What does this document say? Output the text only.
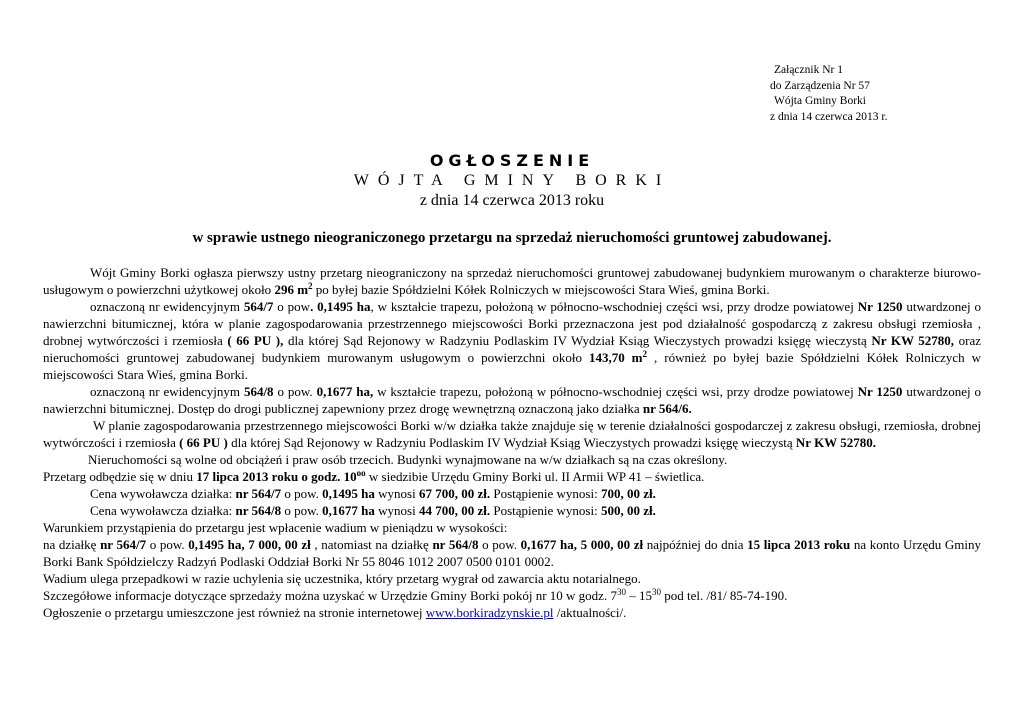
Załącznik Nr 1
do Zarządzenia Nr 57
Wójta Gminy Borki
z dnia 14 czerwca 2013 r.
OGŁOSZENIE
WÓJTA GMINY BORKI
z dnia 14 czerwca 2013 roku
w sprawie ustnego nieograniczonego przetargu na sprzedaż nieruchomości gruntowej zabudowanej.

Wójt Gminy Borki ogłasza pierwszy ustny przetarg nieograniczony na sprzedaż nieruchomości gruntowej zabudowanej budynkiem murowanym o charakterze biurowo-usługowym o powierzchni użytkowej około 296 $m^2$ po byłej bazie Spółdzielni Kółek Rolniczych w miejscowości Stara Wieś, gmina Borki.

oznaczoną nr ewidencyjnym 564/7 o pow. 0,1495 ha, w kształcie trapezu, położoną w północno-wschodniej części wsi, przy drodze powiatowej Nr 1250 utwardzonej o nawierzchni bitumicznej, która w planie zagospodarowania przestrzennego miejscowości Borki przeznaczona jest pod działalność gospodarczą z zakresu obsługi rzemiosła , drobnej wytwórczości i rzemiosła ( 66 PU ), dla której Sąd Rejonowy w Radzyniu Podlaskim IV Wydział Ksiąg Wieczystych prowadzi księgę wieczystą Nr KW 52780, oraz nieruchomości gruntowej zabudowanej budynkiem murowanym usługowym o powierzchni około 143,70 $m^2$ , również po byłej bazie Spółdzielni Kółek Rolniczych w miejscowości Stara Wieś, gmina Borki.

oznaczoną nr ewidencyjnym 564/8 o pow. 0,1677 ha, w kształcie trapezu, położoną w północno-wschodniej części wsi, przy drodze powiatowej Nr 1250 utwardzonej o nawierzchni bitumicznej. Dostęp do drogi publicznej zapewniony przez drogę wewnętrzną oznaczoną jako działka nr 564/6.

W planie zagospodarowania przestrzennego miejscowości Borki w/w działka także znajduje się w terenie działalności gospodarczej z zakresu obsługi, rzemiosła, drobnej wytwórczości i rzemiosła ( 66 PU ) dla której Sąd Rejonowy w Radzyniu Podlaskim IV Wydział Ksiąg Wieczystych prowadzi księgę wieczystą Nr KW 52780.

Nieruchomości są wolne od obciążeń i praw osób trzecich. Budynki wynajmowane na w/w działkach są na czas określony.

Przetarg odbędzie się w dniu 17 lipca 2013 roku o godz. $10^{oo}$ w siedzibie Urzędu Gminy Borki ul. II Armii WP 41 – świetlica.

Cena wywoławcza działka: nr 564/7 o pow. 0,1495 ha wynosi 67 700, 00 zł. Postąpienie wynosi: 700, 00 zł.

Cena wywoławcza działka: nr 564/8 o pow. 0,1677 ha wynosi 44 700, 00 zł. Postąpienie wynosi: 500, 00 zł.

Warunkiem przystąpienia do przetargu jest wpłacenie wadium w pieniądzu w wysokości:

na działkę nr 564/7 o pow. 0,1495 ha, 7 000, 00 zł , natomiast na działkę nr 564/8 o pow. 0,1677 ha, 5 000, 00 zł najpóźniej do dnia 15 lipca 2013 roku na konto Urzędu Gminy Borki Bank Spółdzielczy Radzyń Podlaski Oddział Borki Nr 55 8046 1012 2007 0500 0101 0002.

Wadium ulega przepadkowi w razie uchylenia się uczestnika, który przetarg wygrał od zawarcia aktu notarialnego.

Szczegółowe informacje dotyczące sprzedaży można uzyskać w Urzędzie Gminy Borki pokój nr 10 w godz. $7^{30} - 15^{30}$ pod tel. /81/ 85-74-190.

Ogłoszenie o przetargu umieszczone jest również na stronie internetowej www.borkiradzynskie.pl /aktualności/.
